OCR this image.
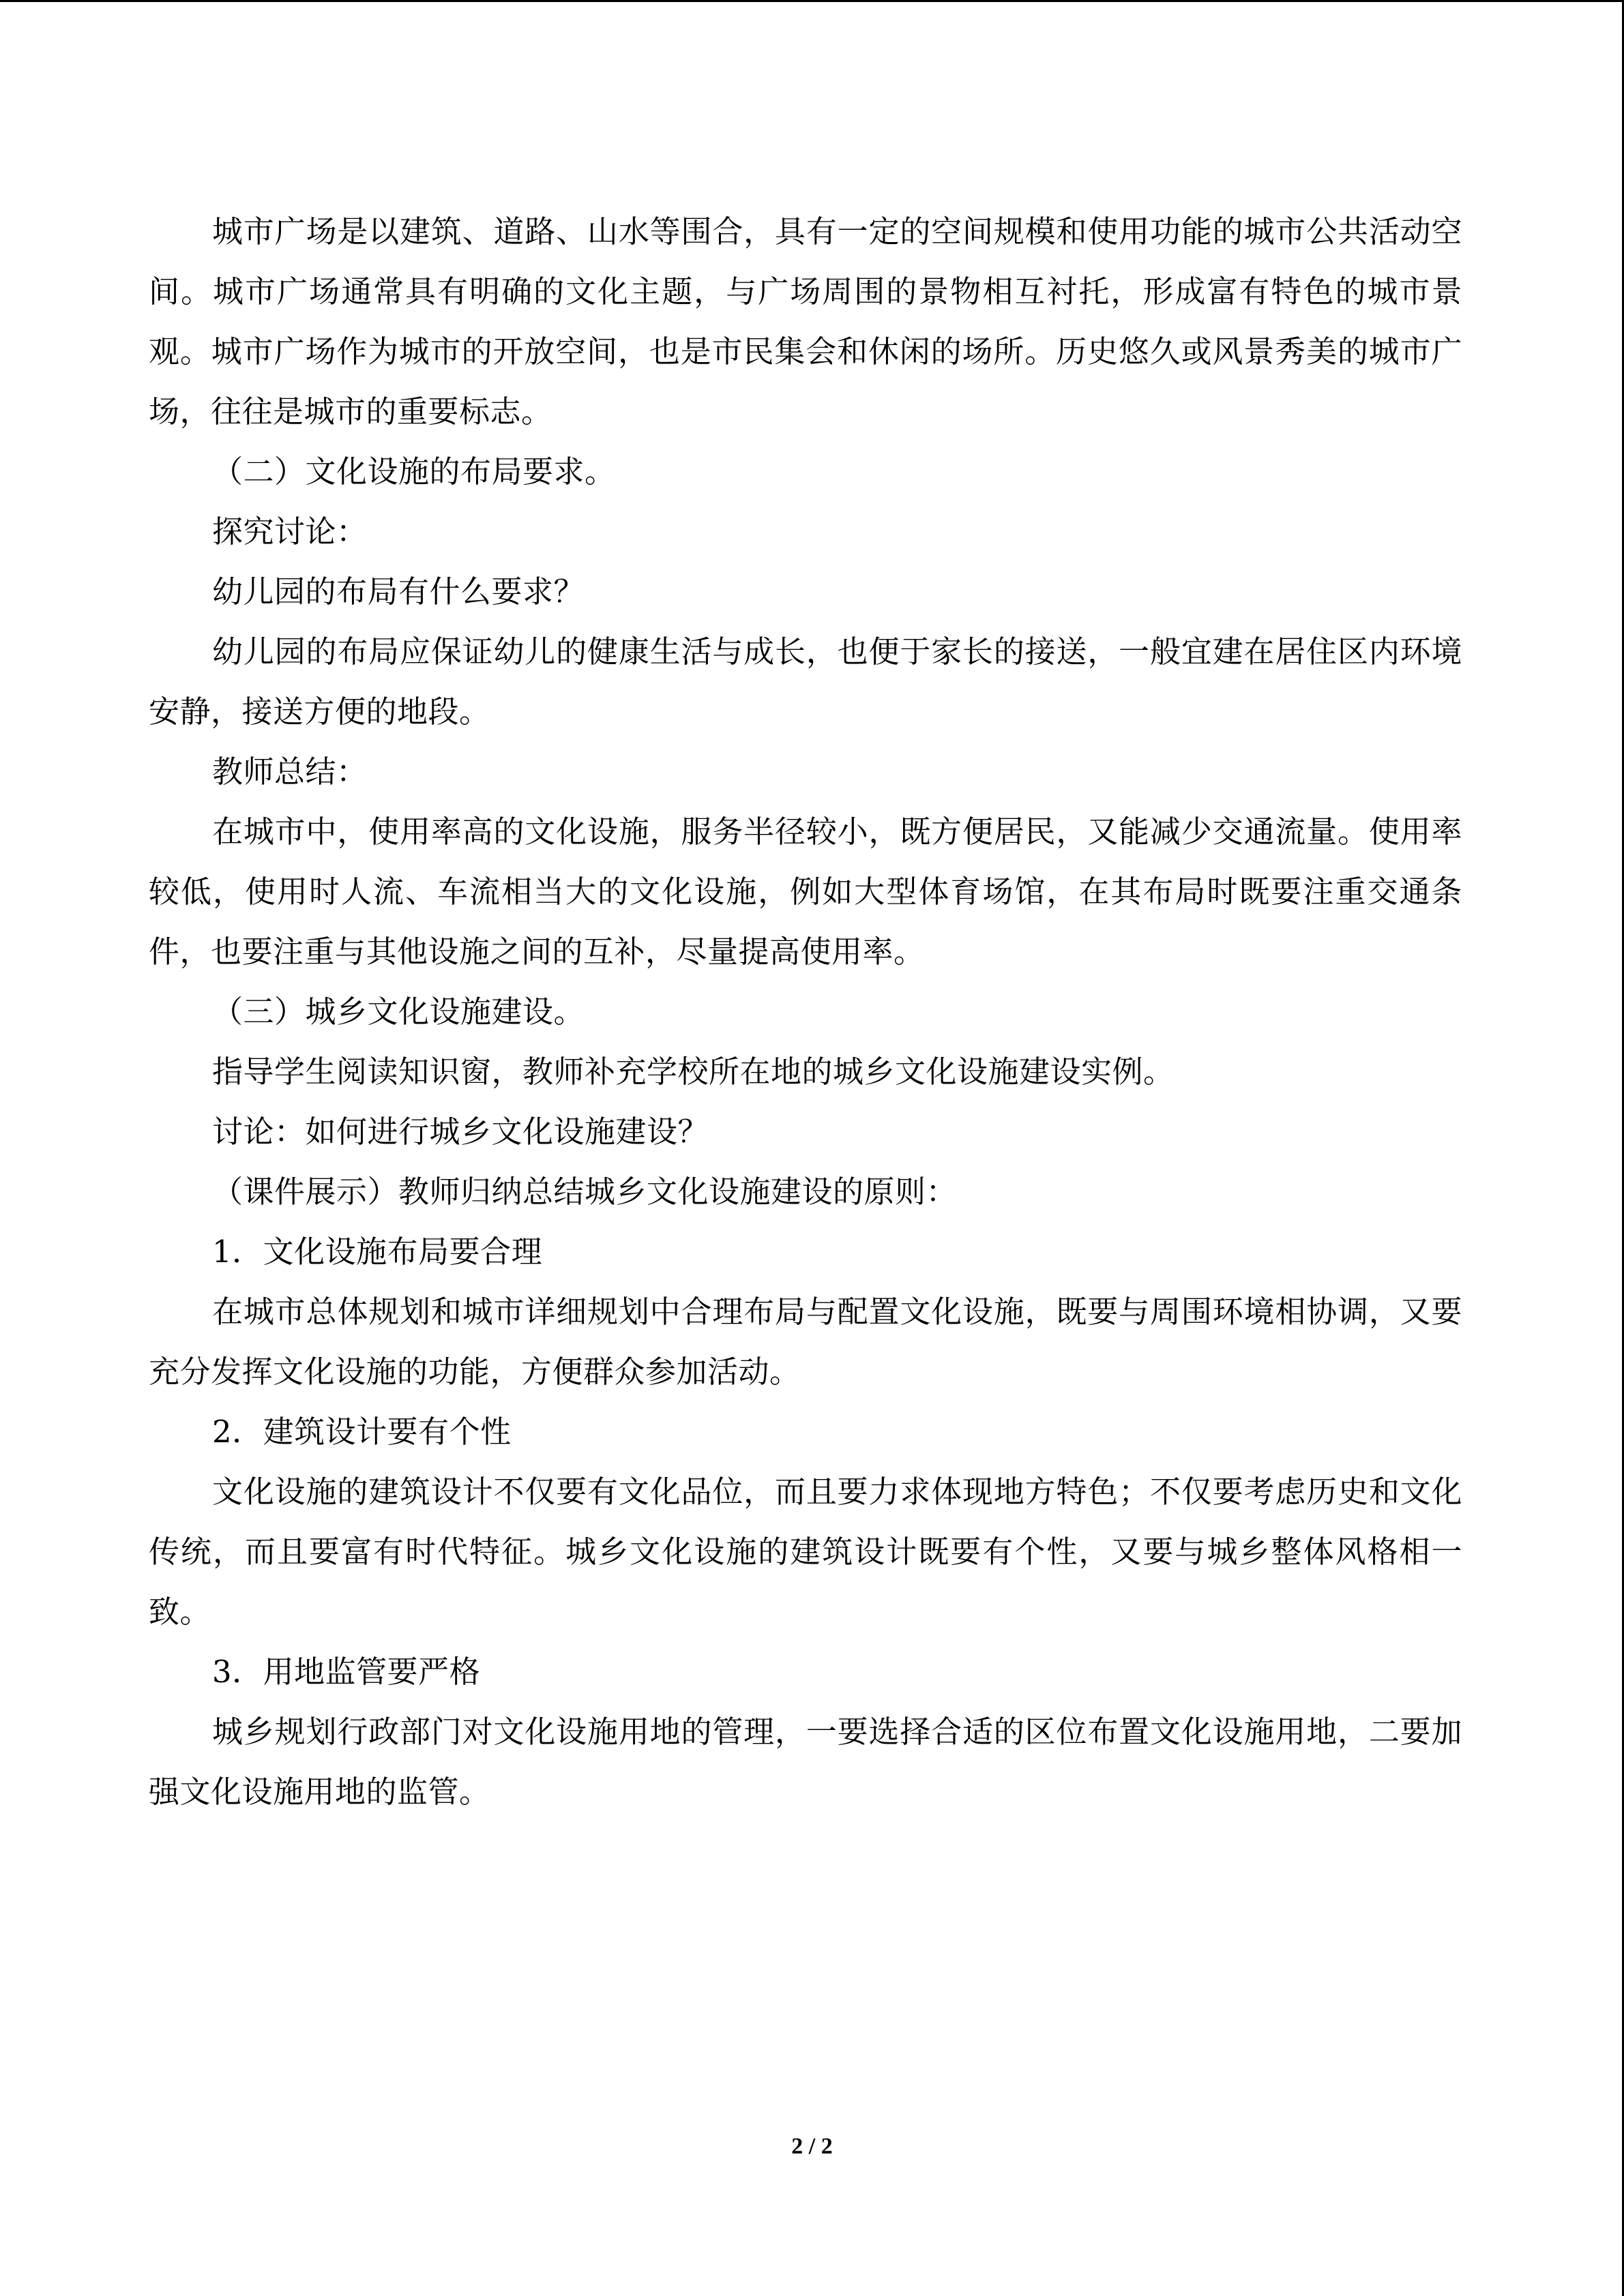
城市广场是以建筑、道路、山水等围合，具有一定的空间规模和使用功能的城市公共活动空间。城市广场通常具有明确的文化主题，与广场周围的景物相互衬托，形成富有特色的城市景观。城市广场作为城市的开放空间，也是市民集会和休闲的场所。历史悠久或风景秀美的城市广场，往往是城市的重要标志。

（二）文化设施的布局要求。

探究讨论：

幼儿园的布局有什么要求？

幼儿园的布局应保证幼儿的健康生活与成长，也便于家长的接送，一般宜建在居住区内环境安静，接送方便的地段。

教师总结：

在城市中，使用率高的文化设施，服务半径较小，既方便居民，又能减少交通流量。使用率较低，使用时人流、车流相当大的文化设施，例如大型体育场馆，在其布局时既要注重交通条件，也要注重与其他设施之间的互补，尽量提高使用率。

（三）城乡文化设施建设。

指导学生阅读知识窗，教师补充学校所在地的城乡文化设施建设实例。

讨论：如何进行城乡文化设施建设？

（课件展示）教师归纳总结城乡文化设施建设的原则：

1．文化设施布局要合理

在城市总体规划和城市详细规划中合理布局与配置文化设施，既要与周围环境相协调，又要充分发挥文化设施的功能，方便群众参加活动。

2．建筑设计要有个性

文化设施的建筑设计不仅要有文化品位，而且要力求体现地方特色；不仅要考虑历史和文化传统，而且要富有时代特征。城乡文化设施的建筑设计既要有个性，又要与城乡整体风格相一致。

3．用地监管要严格

城乡规划行政部门对文化设施用地的管理，一要选择合适的区位布置文化设施用地，二要加强文化设施用地的监管。

2 / 2
